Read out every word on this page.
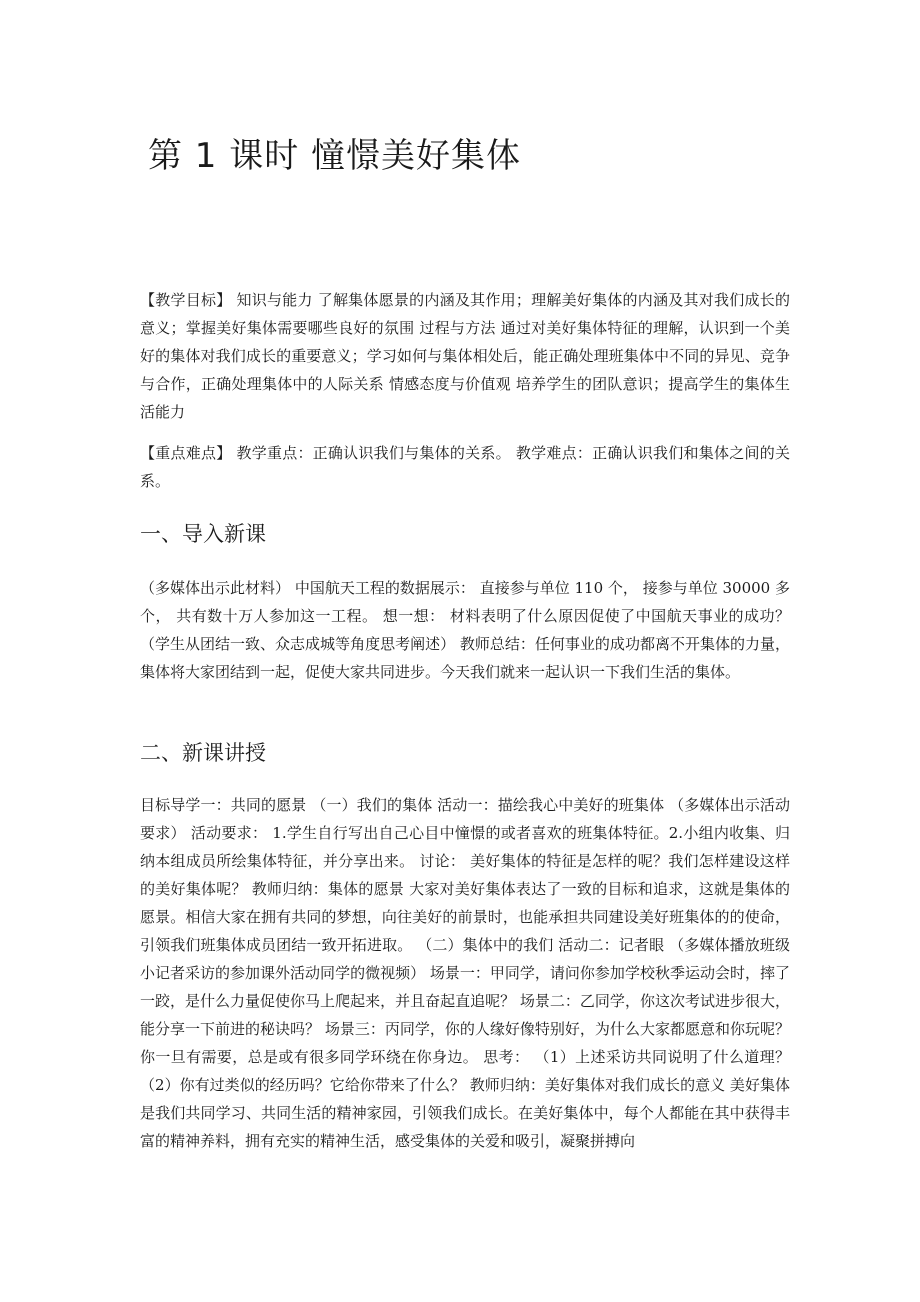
第 1 课时 憧憬美好集体

【教学目标】 知识与能力 了解集体愿景的内涵及其作用；理解美好集体的内涵及其对我们成长的意义；掌握美好集体需要哪些良好的氛围 过程与方法 通过对美好集体特征的理解，认识到一个美好的集体对我们成长的重要意义；学习如何与集体相处后，能正确处理班集体中不同的异见、竞争与合作，正确处理集体中的人际关系 情感态度与价值观 培养学生的团队意识；提高学生的集体生活能力

【重点难点】 教学重点：正确认识我们与集体的关系。 教学难点：正确认识我们和集体之间的关系。

一、导入新课

（多媒体出示此材料） 中国航天工程的数据展示： 直接参与单位 110 个， 接参与单位 30000 多个， 共有数十万人参加这一工程。 想一想： 材料表明了什么原因促使了中国航天事业的成功？ （学生从团结一致、众志成城等角度思考阐述） 教师总结：任何事业的成功都离不开集体的力量，集体将大家团结到一起，促使大家共同进步。今天我们就来一起认识一下我们生活的集体。

二、新课讲授

目标导学一：共同的愿景 （一）我们的集体 活动一：描绘我心中美好的班集体 （多媒体出示活动要求） 活动要求： 1.学生自行写出自己心目中憧憬的或者喜欢的班集体特征。2.小组内收集、归纳本组成员所绘集体特征，并分享出来。 讨论： 美好集体的特征是怎样的呢？我们怎样建设这样的美好集体呢？ 教师归纳：集体的愿景 大家对美好集体表达了一致的目标和追求，这就是集体的愿景。相信大家在拥有共同的梦想，向往美好的前景时，也能承担共同建设美好班集体的的使命，引领我们班集体成员团结一致开拓进取。 （二）集体中的我们 活动二：记者眼 （多媒体播放班级小记者采访的参加课外活动同学的微视频） 场景一：甲同学，请问你参加学校秋季运动会时，摔了一跤，是什么力量促使你马上爬起来，并且奋起直追呢？ 场景二：乙同学，你这次考试进步很大，能分享一下前进的秘诀吗？ 场景三：丙同学，你的人缘好像特别好，为什么大家都愿意和你玩呢？你一旦有需要，总是或有很多同学环绕在你身边。 思考： （1）上述采访共同说明了什么道理？ （2）你有过类似的经历吗？它给你带来了什么？ 教师归纳：美好集体对我们成长的意义 美好集体是我们共同学习、共同生活的精神家园，引领我们成长。在美好集体中，每个人都能在其中获得丰富的精神养料，拥有充实的精神生活，感受集体的关爱和吸引，凝聚拼搏向
